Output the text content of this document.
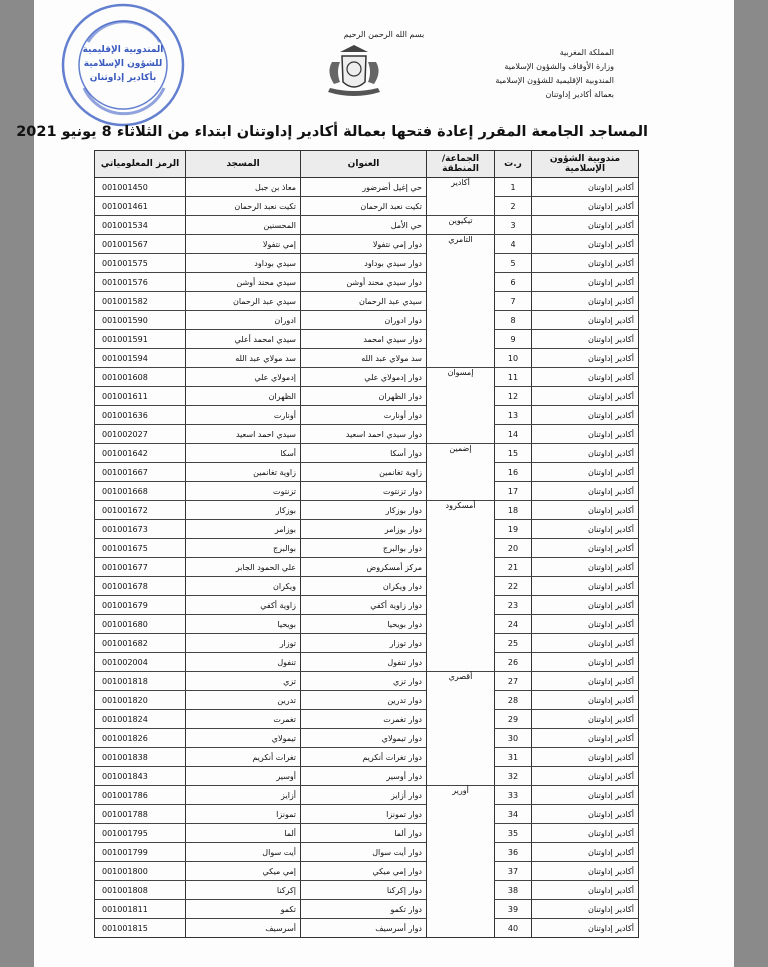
المندوبية الإقليمية
للشؤون الإسلامية
بأكادير إداوتنان
بسم الله الرحمن الرحيم
المملكة المغربية
وزارة الأوقاف والشؤون الإسلامية
المندوبية الإقليمية للشؤون الإسلامية
بعمالة أكادير إداوتنان
المساجد الجامعة المقرر إعادة فتحها بعمالة أكادير إداوتنان ابتداء من الثلاثاء 8 يونيو 2021
مندوبية الشؤون الإسلامية	ر.ت	الجماعة/المنطقة	العنوان	المسجد	الرمز المعلومياتي
أكادير إداوتنان	1	أكادير	حي إغيل أضرضور	معاذ بن جبل	001001450
أكادير إداوتنان	2		تكيت نعبد الرحمان	تكيت نعبد الرحمان	001001461
أكادير إداوتنان	3	تيكيوين	حي الأمل	المحسنين	001001534
أكادير إداوتنان	4	التامري	دوار إمي نتفولا	إمي نتفولا	001001567
أكادير إداوتنان	5		دوار سيدي بوداود	سيدي بوداود	001001575
أكادير إداوتنان	6		دوار سيدي محند أوشن	سيدي محند أوشن	001001576
أكادير إداوتنان	7		سيدي عبد الرحمان	سيدي عبد الرحمان	001001582
أكادير إداوتنان	8		دوار ادوران	ادوران	001001590
أكادير إداوتنان	9		دوار سيدي امحمد	سيدي امحمد أعلي	001001591
أكادير إداوتنان	10		سد مولاي عبد الله	سد مولاي عبد الله	001001594
أكادير إداوتنان	11	إمسوان	دوار إدمولاي علي	إدمولاي علي	001001608
أكادير إداوتنان	12		دوار الظهران	الظهران	001001611
أكادير إداوتنان	13		دوار أونارت	أونارت	001001636
أكادير إداوتنان	14		دوار سيدي احمد اسعيد	سيدي احمد اسعيد	001002027
أكادير إداوتنان	15	إضمين	دوار أسكا	أسكا	001001642
أكادير إداوتنان	16		زاوية تغانمين	زاوية تغانمين	001001667
أكادير إداوتنان	17		دوار تزنتوت	تزنتوت	001001668
أكادير إداوتنان	18	أمسكرود	دوار بوزكار	بوزكار	001001672
أكادير إداوتنان	19		دوار بوزامر	بوزامر	001001673
أكادير إداوتنان	20		دوار بوالبرج	بوالبرج	001001675
أكادير إداوتنان	21		مركز أمسكروض	علي الحمود الجابر	001001677
أكادير إداوتنان	22		دوار ويكران	ويكران	001001678
أكادير إداوتنان	23		دوار زاوية أكفي	زاوية أكفي	001001679
أكادير إداوتنان	24		دوار بويحيا	بويحيا	001001680
أكادير إداوتنان	25		دوار توزار	توزار	001001682
أكادير إداوتنان	26		دوار تنفول	تنفول	001002004
أكادير إداوتنان	27	أقصري	دوار تزي	تزي	001001818
أكادير إداوتنان	28		دوار تدرين	تدرين	001001820
أكادير إداوتنان	29		دوار تغمرت	تغمرت	001001824
أكادير إداوتنان	30		دوار تيمولاي	تيمولاي	001001826
أكادير إداوتنان	31		دوار تغرات أنكريم	تغرات أنكريم	001001838
أكادير إداوتنان	32		دوار أوسير	أوسير	001001843
أكادير إداوتنان	33	أورير	دوار أزايز	أزايز	001001786
أكادير إداوتنان	34		دوار تمونزا	تمونزا	001001788
أكادير إداوتنان	35		دوار ألما	ألما	001001795
أكادير إداوتنان	36		دوار أيت سوال	أيت سوال	001001799
أكادير إداوتنان	37		دوار إمي ميكي	إمي ميكي	001001800
أكادير إداوتنان	38		دوار إكركنا	إكركنا	001001808
أكادير إداوتنان	39		دوار تكمو	تكمو	001001811
أكادير إداوتنان	40		دوار أسرسيف	أسرسيف	001001815
